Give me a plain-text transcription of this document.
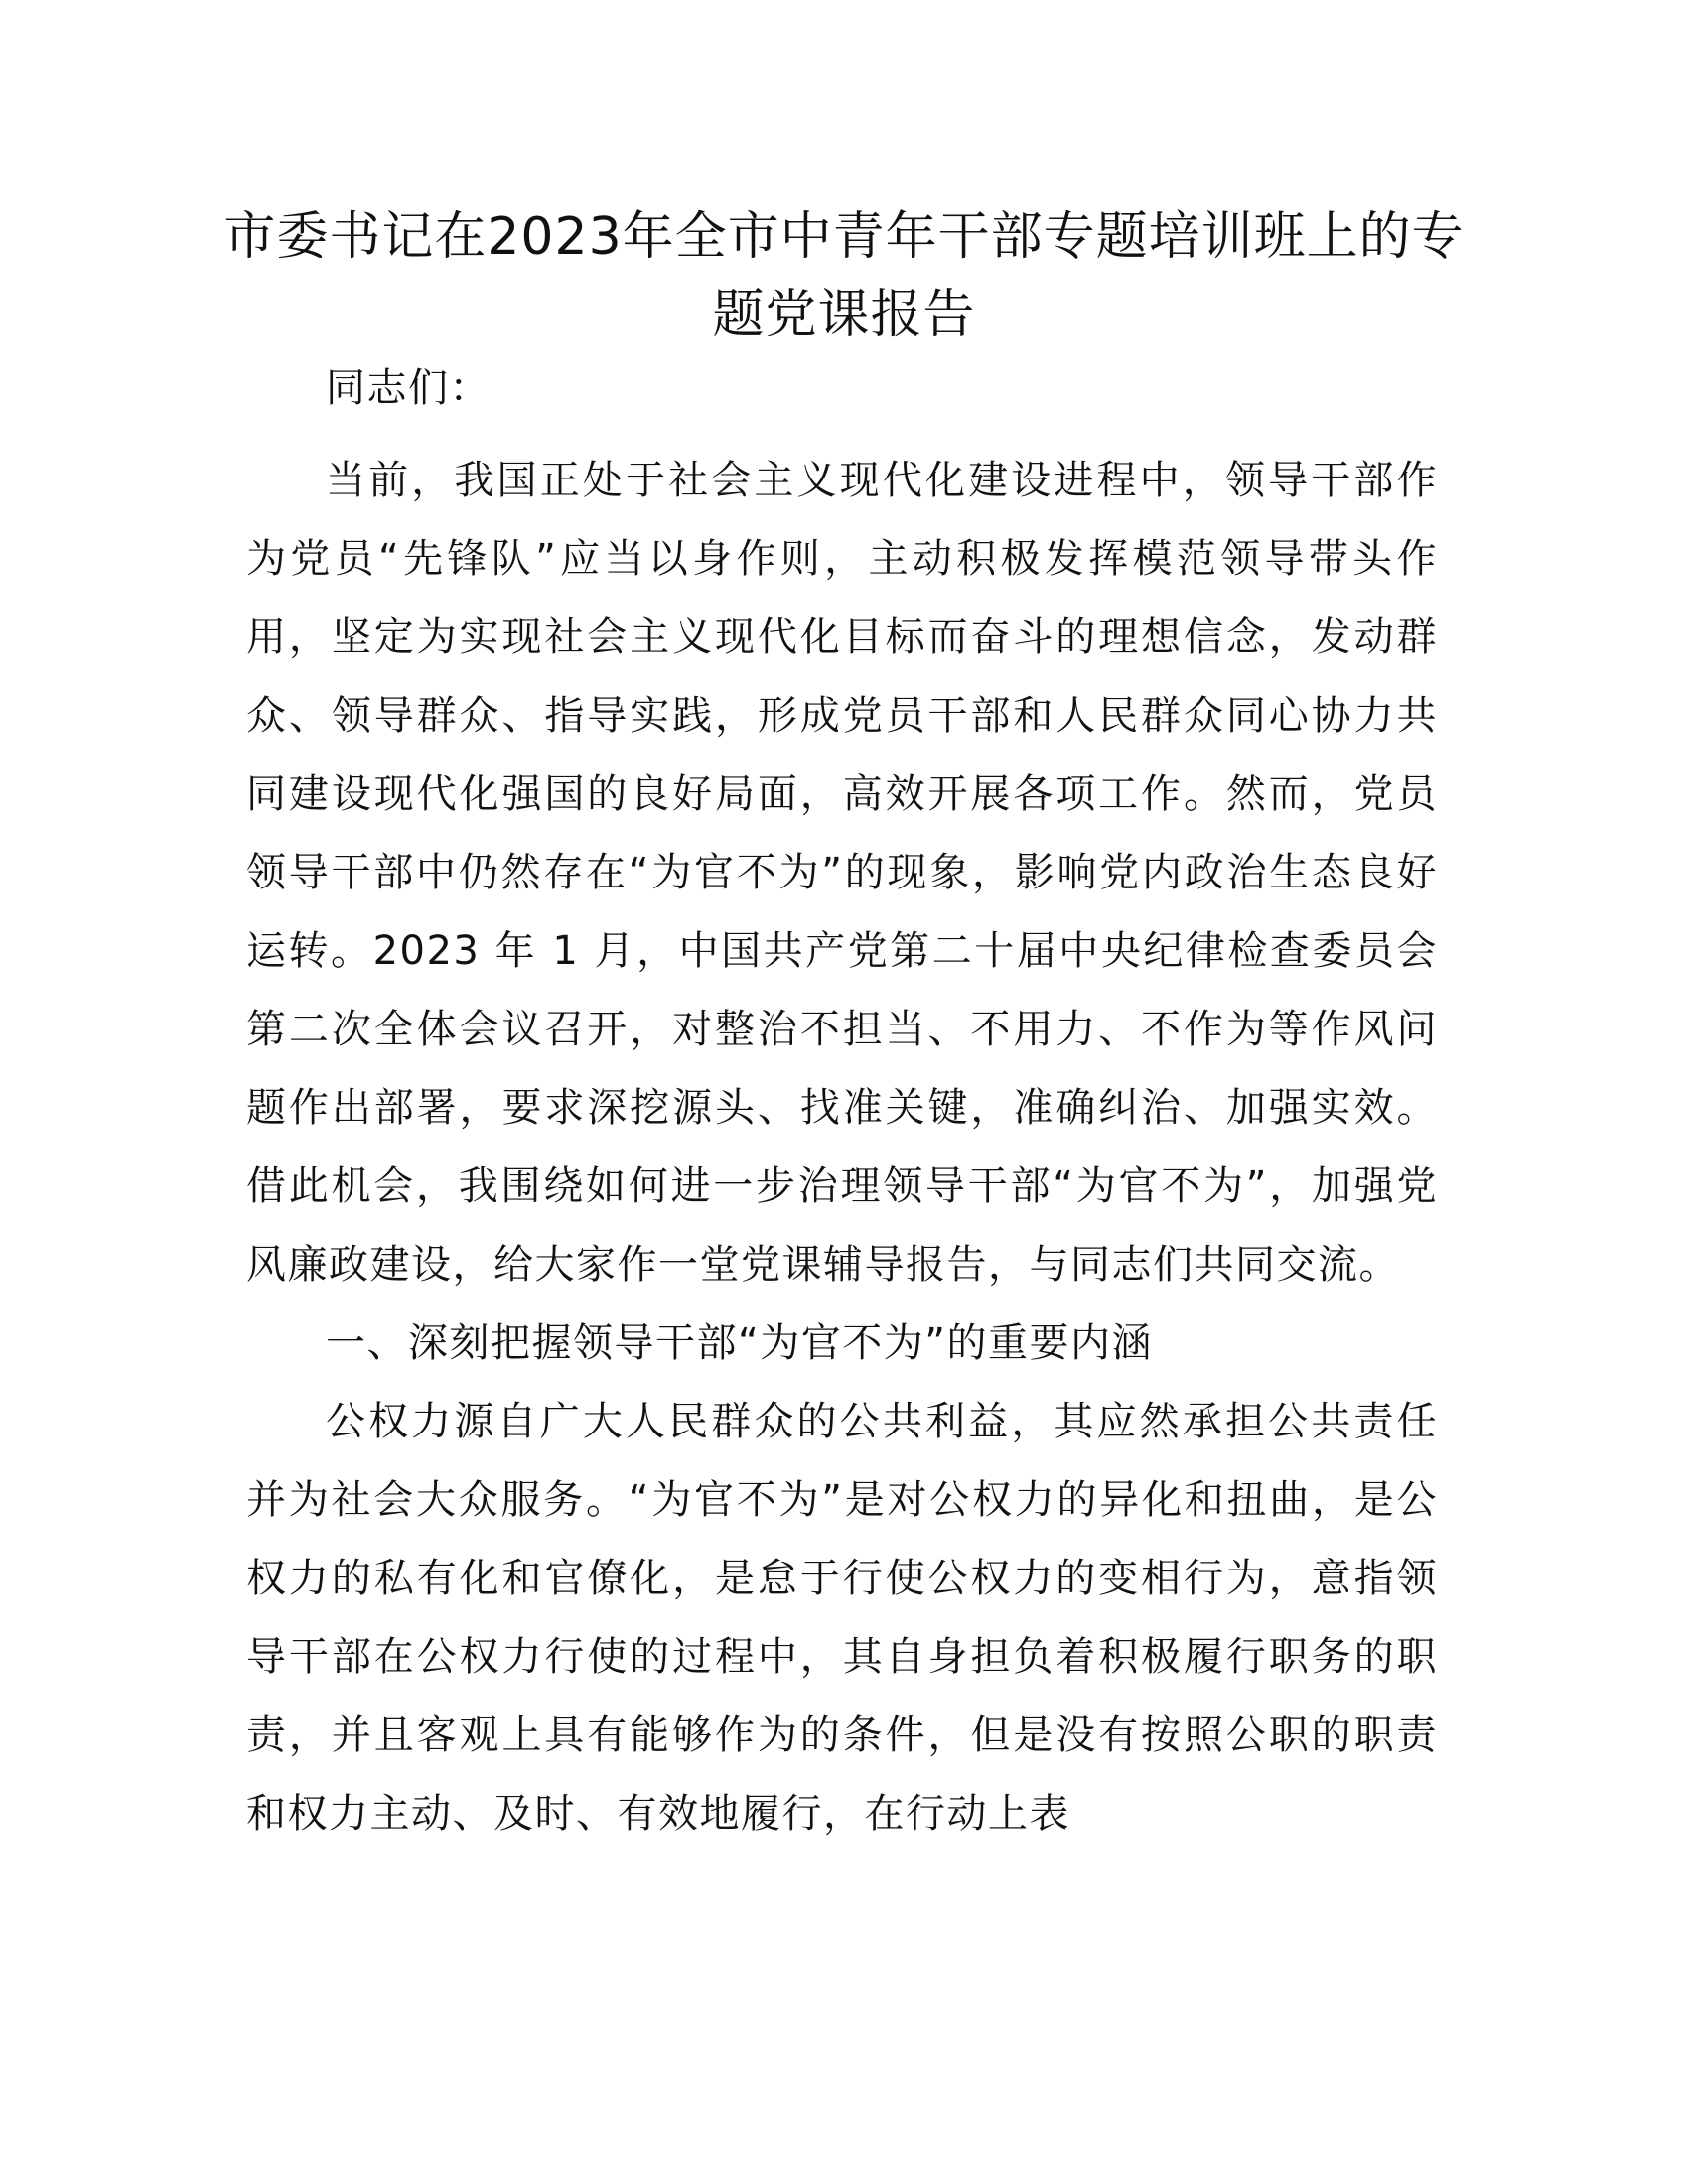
市委书记在2023年全市中青年干部专题培训班上的专题党课报告

同志们：

当前，我国正处于社会主义现代化建设进程中，领导干部作为党员“先锋队”应当以身作则，主动积极发挥模范领导带头作用，坚定为实现社会主义现代化目标而奋斗的理想信念，发动群众、领导群众、指导实践，形成党员干部和人民群众同心协力共同建设现代化强国的良好局面，高效开展各项工作。然而，党员领导干部中仍然存在“为官不为”的现象，影响党内政治生态良好运转。2023 年 1 月，中国共产党第二十届中央纪律检查委员会第二次全体会议召开，对整治不担当、不用力、不作为等作风问题作出部署，要求深挖源头、找准关键，准确纠治、加强实效。借此机会，我围绕如何进一步治理领导干部“为官不为”，加强党风廉政建设，给大家作一堂党课辅导报告，与同志们共同交流。

一、深刻把握领导干部“为官不为”的重要内涵

公权力源自广大人民群众的公共利益，其应然承担公共责任并为社会大众服务。“为官不为”是对公权力的异化和扭曲，是公权力的私有化和官僚化，是怠于行使公权力的变相行为，意指领导干部在公权力行使的过程中，其自身担负着积极履行职务的职责，并且客观上具有能够作为的条件，但是没有按照公职的职责和权力主动、及时、有效地履行，在行动上表
